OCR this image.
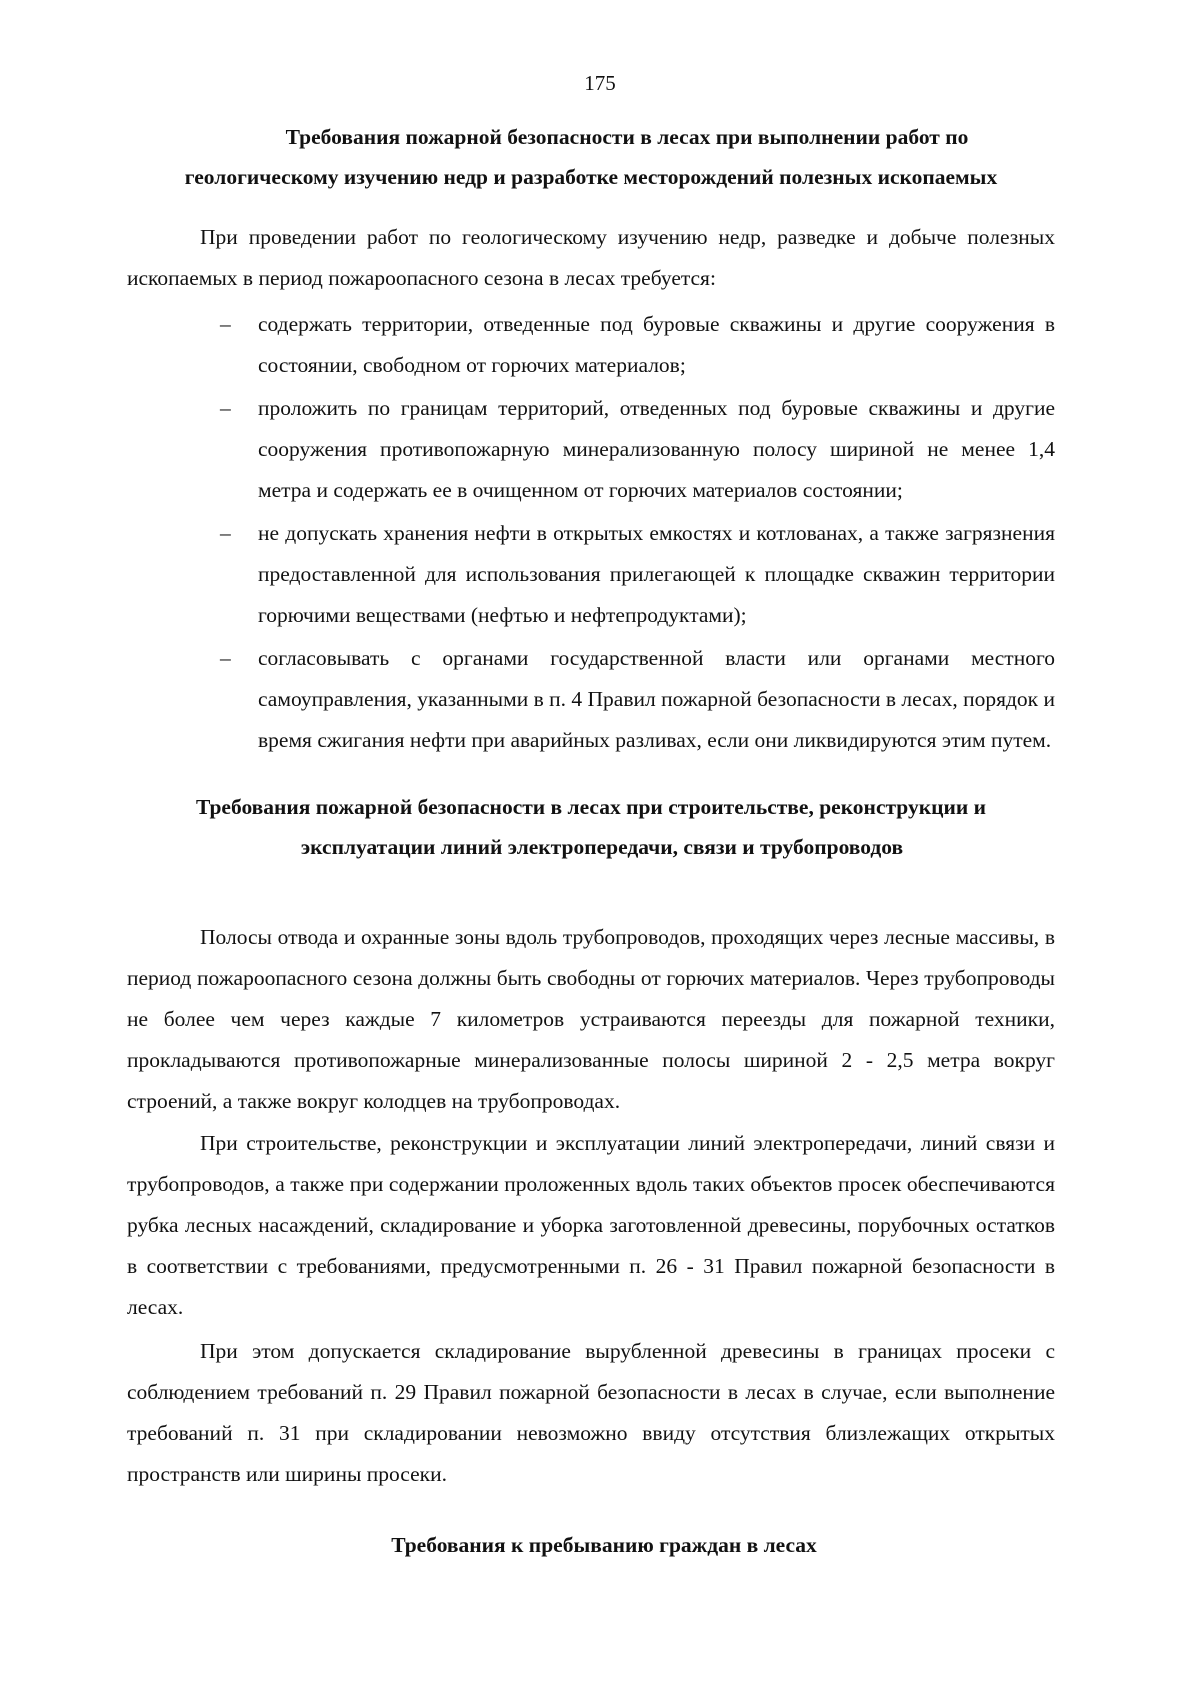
175
Требования пожарной безопасности в лесах при выполнении работ по
геологическому изучению недр и разработке месторождений полезных ископаемых

При проведении работ по геологическому изучению недр, разведке и добыче полезных ископаемых в период пожароопасного сезона в лесах требуется:

– содержать территории, отведенные под буровые скважины и другие сооружения в состоянии, свободном от горючих материалов;
– проложить по границам территорий, отведенных под буровые скважины и другие сооружения противопожарную минерализованную полосу шириной не менее 1,4 метра и содержать ее в очищенном от горючих материалов состоянии;
– не допускать хранения нефти в открытых емкостях и котлованах, а также загрязнения предоставленной для использования прилегающей к площадке скважин территории горючими веществами (нефтью и нефтепродуктами);
– согласовывать с органами государственной власти или органами местного самоуправления, указанными в п. 4 Правил пожарной безопасности в лесах, порядок и время сжигания нефти при аварийных разливах, если они ликвидируются этим путем.
Требования пожарной безопасности в лесах при строительстве, реконструкции и
эксплуатации линий электропередачи, связи и трубопроводов

Полосы отвода и охранные зоны вдоль трубопроводов, проходящих через лесные массивы, в период пожароопасного сезона должны быть свободны от горючих материалов. Через трубопроводы не более чем через каждые 7 километров устраиваются переезды для пожарной техники, прокладываются противопожарные минерализованные полосы шириной 2 - 2,5 метра вокруг строений, а также вокруг колодцев на трубопроводах.

При строительстве, реконструкции и эксплуатации линий электропередачи, линий связи и трубопроводов, а также при содержании проложенных вдоль таких объектов просек обеспечиваются рубка лесных насаждений, складирование и уборка заготовленной древесины, порубочных остатков в соответствии с требованиями, предусмотренными п. 26 - 31 Правил пожарной безопасности в лесах.

При этом допускается складирование вырубленной древесины в границах просеки с соблюдением требований п. 29 Правил пожарной безопасности в лесах в случае, если выполнение требований п. 31 при складировании невозможно ввиду отсутствия близлежащих открытых пространств или ширины просеки.

Требования к пребыванию граждан в лесах
